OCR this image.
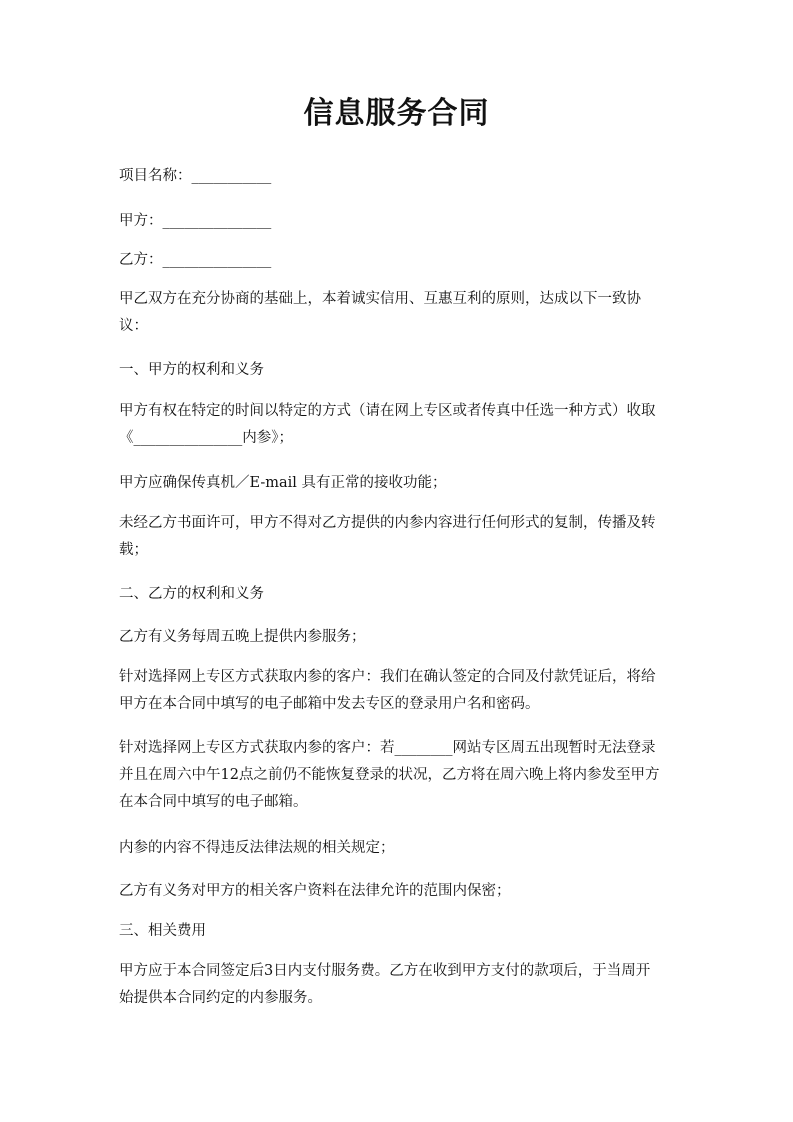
信息服务合同

项目名称：___________

甲方：_______________

乙方：_______________

甲乙双方在充分协商的基础上，本着诚实信用、互惠互利的原则，达成以下一致协
议：

一、甲方的权利和义务

甲方有权在特定的时间以特定的方式（请在网上专区或者传真中任选一种方式）收取
《_______________内参》；

甲方应确保传真机／E-mail 具有正常的接收功能；

未经乙方书面许可，甲方不得对乙方提供的内参内容进行任何形式的复制，传播及转
载；

二、乙方的权利和义务

乙方有义务每周五晚上提供内参服务；

针对选择网上专区方式获取内参的客户：我们在确认签定的合同及付款凭证后，将给
甲方在本合同中填写的电子邮箱中发去专区的登录用户名和密码。

针对选择网上专区方式获取内参的客户：若________网站专区周五出现暂时无法登录
并且在周六中午12点之前仍不能恢复登录的状况，乙方将在周六晚上将内参发至甲方
在本合同中填写的电子邮箱。

内参的内容不得违反法律法规的相关规定；

乙方有义务对甲方的相关客户资料在法律允许的范围内保密；

三、相关费用

甲方应于本合同签定后3日内支付服务费。乙方在收到甲方支付的款项后，于当周开
始提供本合同约定的内参服务。
